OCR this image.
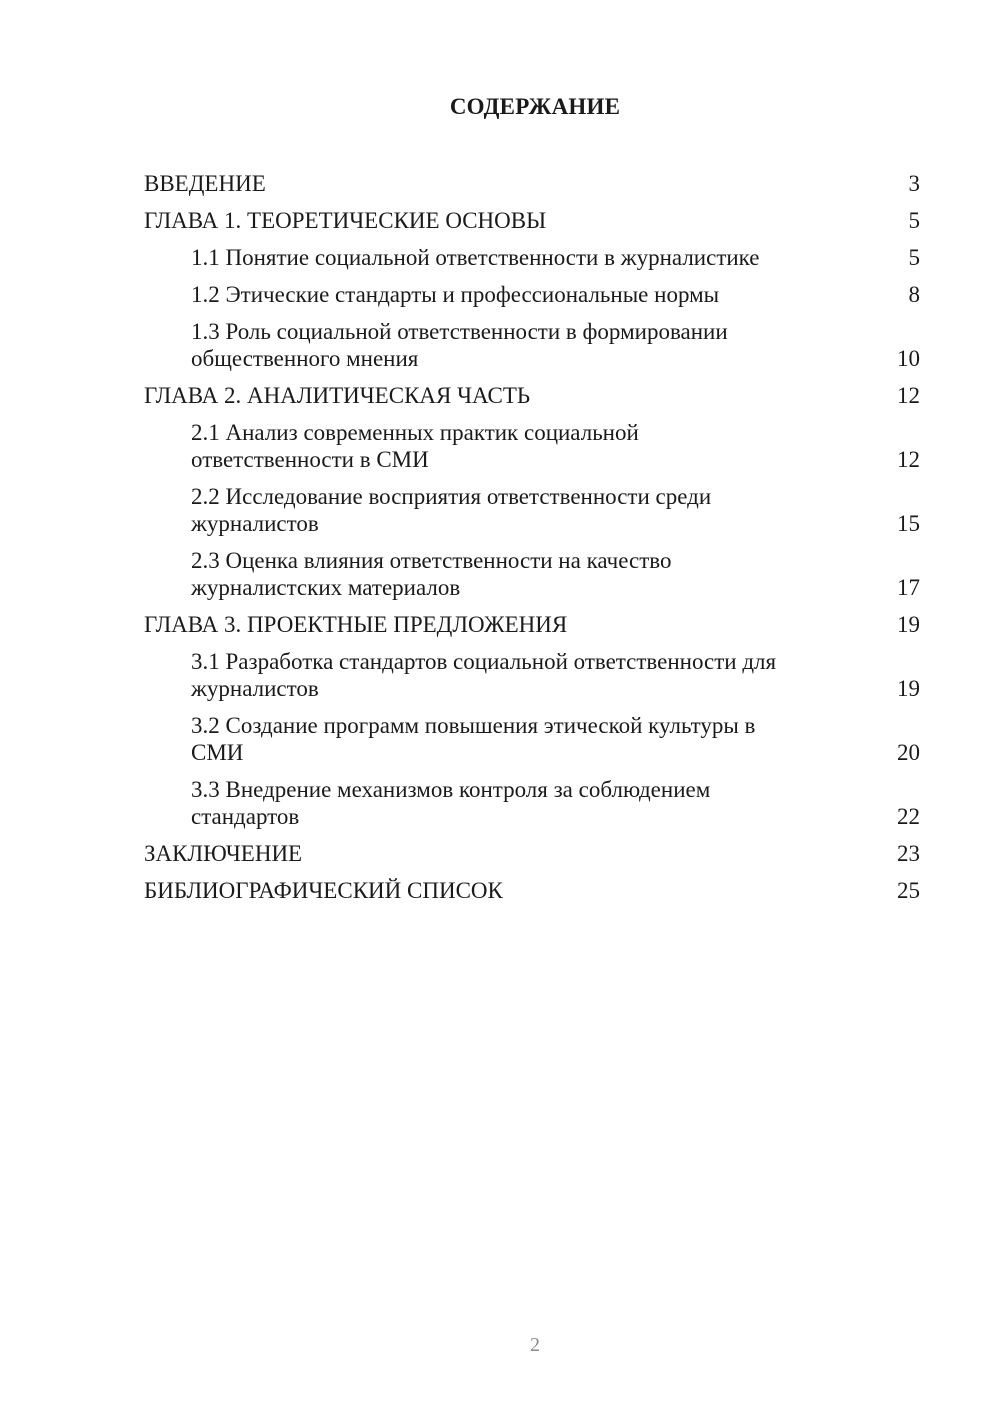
СОДЕРЖАНИЕ
ВВЕДЕНИЕ	3
ГЛАВА 1. ТЕОРЕТИЧЕСКИЕ ОСНОВЫ	5
1.1 Понятие социальной ответственности в журналистике	5
1.2 Этические стандарты и профессиональные нормы	8
1.3 Роль социальной ответственности в формировании общественного мнения	10
ГЛАВА 2. АНАЛИТИЧЕСКАЯ ЧАСТЬ	12
2.1 Анализ современных практик социальной ответственности в СМИ	12
2.2 Исследование восприятия ответственности среди журналистов	15
2.3 Оценка влияния ответственности на качество журналистских материалов	17
ГЛАВА 3. ПРОЕКТНЫЕ ПРЕДЛОЖЕНИЯ	19
3.1 Разработка стандартов социальной ответственности для журналистов	19
3.2 Создание программ повышения этической культуры в СМИ	20
3.3 Внедрение механизмов контроля за соблюдением стандартов	22
ЗАКЛЮЧЕНИЕ	23
БИБЛИОГРАФИЧЕСКИЙ СПИСОК	25
2
